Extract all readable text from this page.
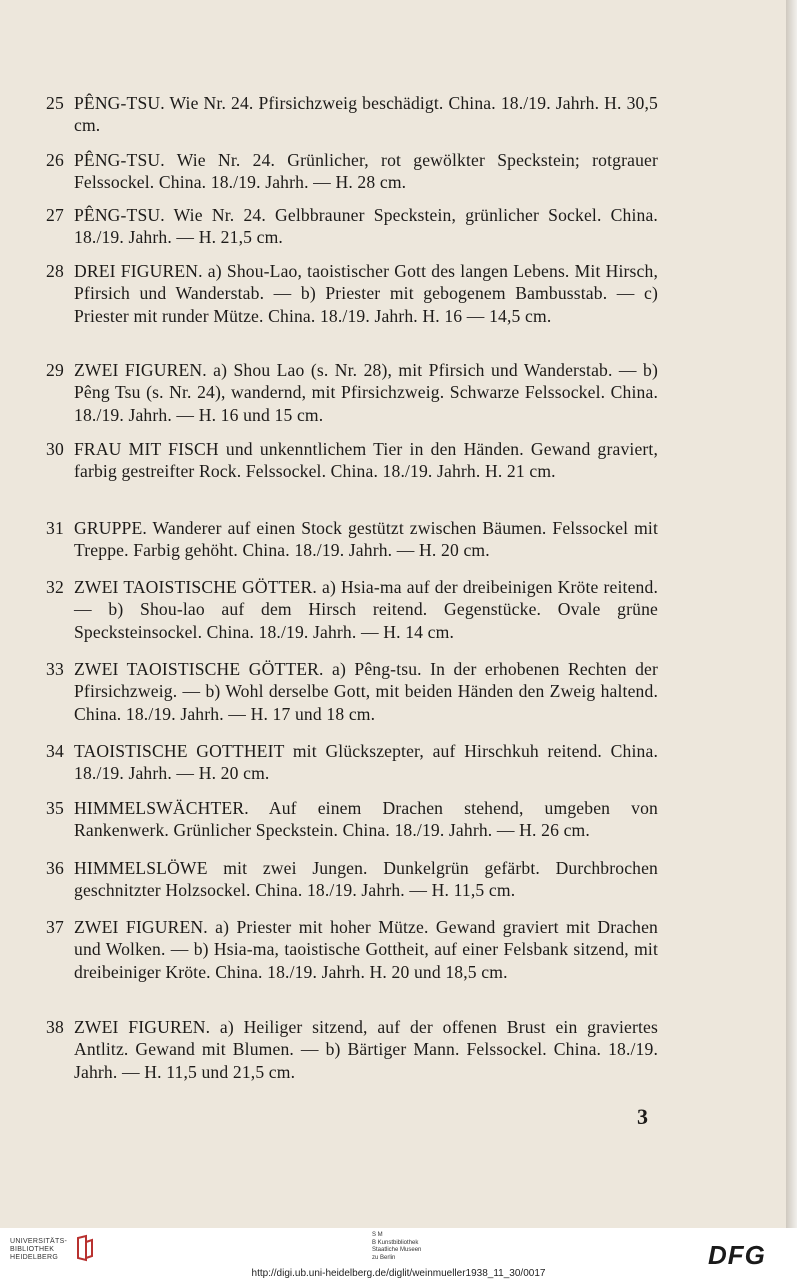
25 PÊNG-TSU. Wie Nr. 24. Pfirsichzweig beschädigt. China. 18./19. Jahrh. H. 30,5 cm.
26 PÊNG-TSU. Wie Nr. 24. Grünlicher, rot gewölkter Speckstein; rotgrauer Felssockel. China. 18./19. Jahrh. — H. 28 cm.
27 PÊNG-TSU. Wie Nr. 24. Gelbbrauner Speckstein, grünlicher Sockel. China. 18./19. Jahrh. — H. 21,5 cm.
28 DREI FIGUREN. a) Shou-Lao, taoistischer Gott des langen Lebens. Mit Hirsch, Pfirsich und Wanderstab. — b) Priester mit gebogenem Bambusstab. — c) Priester mit runder Mütze. China. 18./19. Jahrh. H. 16 — 14,5 cm.
29 ZWEI FIGUREN. a) Shou Lao (s. Nr. 28), mit Pfirsich und Wanderstab. — b) Pêng Tsu (s. Nr. 24), wandernd, mit Pfirsichzweig. Schwarze Felssockel. China. 18./19. Jahrh. — H. 16 und 15 cm.
30 FRAU MIT FISCH und unkenntlichem Tier in den Händen. Gewand graviert, farbig gestreifter Rock. Felssockel. China. 18./19. Jahrh. H. 21 cm.
31 GRUPPE. Wanderer auf einen Stock gestützt zwischen Bäumen. Felssockel mit Treppe. Farbig gehöht. China. 18./19. Jahrh. — H. 20 cm.
32 ZWEI TAOISTISCHE GÖTTER. a) Hsia-ma auf der dreibeinigen Kröte reitend. — b) Shou-lao auf dem Hirsch reitend. Gegenstücke. Ovale grüne Specksteinsockel. China. 18./19. Jahrh. — H. 14 cm.
33 ZWEI TAOISTISCHE GÖTTER. a) Pêng-tsu. In der erhobenen Rechten der Pfirsichzweig. — b) Wohl derselbe Gott, mit beiden Händen den Zweig haltend. China. 18./19. Jahrh. — H. 17 und 18 cm.
34 TAOISTISCHE GOTTHEIT mit Glückszepter, auf Hirschkuh reitend. China. 18./19. Jahrh. — H. 20 cm.
35 HIMMELSWÄCHTER. Auf einem Drachen stehend, umgeben von Rankenwerk. Grünlicher Speckstein. China. 18./19. Jahrh. — H. 26 cm.
36 HIMMELSLÖWE mit zwei Jungen. Dunkelgrün gefärbt. Durchbrochen geschnitzter Holzsockel. China. 18./19. Jahrh. — H. 11,5 cm.
37 ZWEI FIGUREN. a) Priester mit hoher Mütze. Gewand graviert mit Drachen und Wolken. — b) Hsia-ma, taoistische Gottheit, auf einer Felsbank sitzend, mit dreibeiniger Kröte. China. 18./19. Jahrh. H. 20 und 18,5 cm.
38 ZWEI FIGUREN. a) Heiliger sitzend, auf der offenen Brust ein graviertes Antlitz. Gewand mit Blumen. — b) Bärtiger Mann. Felssockel. China. 18./19. Jahrh. — H. 11,5 und 21,5 cm.
3
UNIVERSITÄTS-
BIBLIOTHEK
HEIDELBERG
S M
B Kunstbibliothek
Staatliche Museen
zu Berlin	DFG
http://digi.ub.uni-heidelberg.de/diglit/weinmueller1938_11_30/0017
